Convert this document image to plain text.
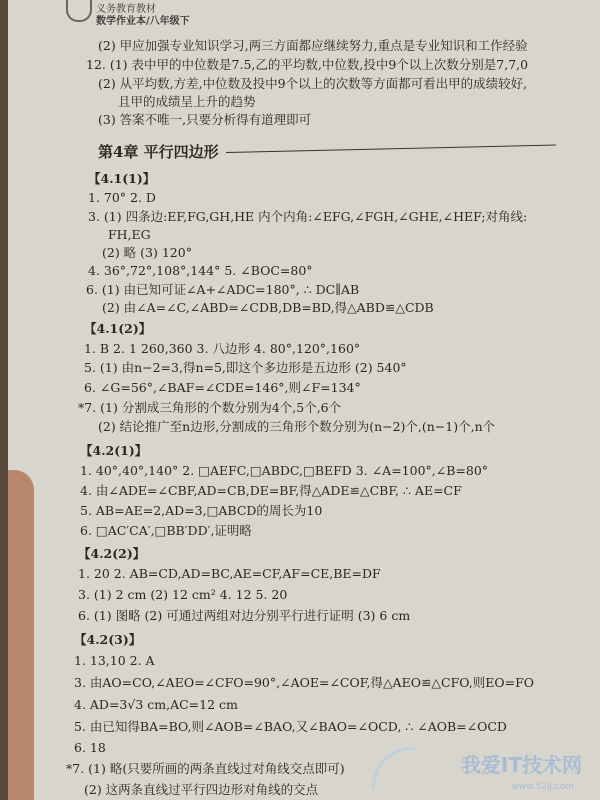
义务教育教材
数学作业本/八年级下
(2) 甲应加强专业知识学习,两三方面都应继续努力,重点是专业知识和工作经验
12. (1) 表中甲的中位数是7.5,乙的平均数,中位数,投中9个以上次数分别是7,7,0
(2) 从平均数,方差,中位数及投中9个以上的次数等方面都可看出甲的成绩较好,
且甲的成绩呈上升的趋势
(3) 答案不唯一,只要分析得有道理即可
第4章 平行四边形
【4.1(1)】
1. 70° 2. D
3. (1) 四条边:EF,FG,GH,HE 内个内角:∠EFG,∠FGH,∠GHE,∠HEF;对角线:
FH,EG
(2) 略 (3) 120°
4. 36°,72°,108°,144° 5. ∠BOC=80°
6. (1) 由已知可证∠A+∠ADC=180°, ∴ DC∥AB
(2) 由∠A=∠C,∠ABD=∠CDB,DB=BD,得△ABD≌△CDB
【4.1(2)】
1. B 2. 1 260,360 3. 八边形 4. 80°,120°,160°
5. (1) 由n−2=3,得n=5,即这个多边形是五边形 (2) 540°
6. ∠G=56°,∠BAF=∠CDE=146°,则∠F=134°
*7. (1) 分割成三角形的个数分别为4个,5个,6个
(2) 结论推广至n边形,分割成的三角形个数分别为(n−2)个,(n−1)个,n个
【4.2(1)】
1. 40°,40°,140° 2. □AEFC,□ABDC,□BEFD 3. ∠A=100°,∠B=80°
4. 由∠ADE=∠CBF,AD=CB,DE=BF,得△ADE≌△CBF, ∴ AE=CF
5. AB=AE=2,AD=3,□ABCD的周长为10
6. □AC′CA′,□BB′DD′,证明略
【4.2(2)】
1. 20 2. AB=CD,AD=BC,AE=CF,AF=CE,BE=DF
3. (1) 2 cm (2) 12 cm² 4. 12 5. 20
6. (1) 图略 (2) 可通过两组对边分别平行进行证明 (3) 6 cm
【4.2(3)】
1. 13,10 2. A
3. 由AO=CO,∠AEO=∠CFO=90°,∠AOE=∠COF,得△AEO≌△CFO,则EO=FO
4. AD=3√3 cm,AC=12 cm
5. 由已知得BA=BO,则∠AOB=∠BAO,又∠BAO=∠OCD, ∴ ∠AOB=∠OCD
6. 18
*7. (1) 略(只要所画的两条直线过对角线交点即可)
(2) 这两条直线过平行四边形对角线的交点
我爱IT技术网
www.52ij.com
